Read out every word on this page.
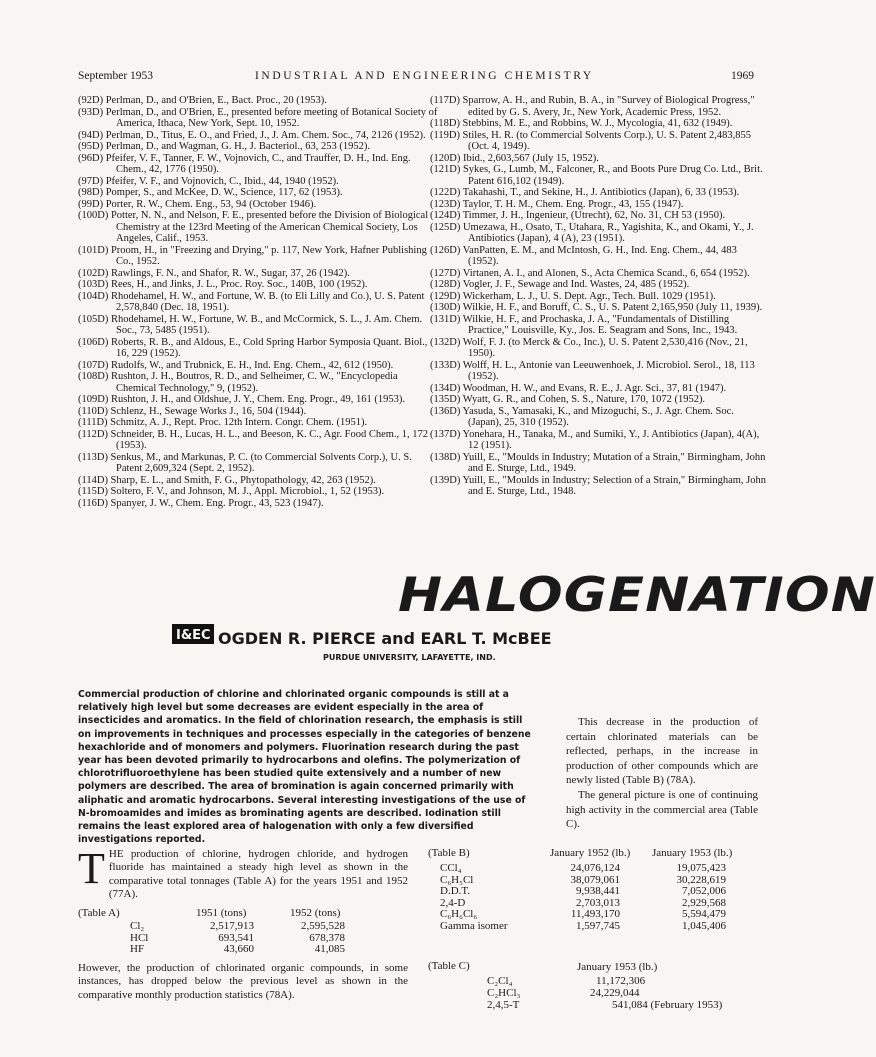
September 1953	INDUSTRIAL AND ENGINEERING CHEMISTRY	1969

(92D) Perlman, D., and O'Brien, E., Bact. Proc., 20 (1953).

(93D) Perlman, D., and O'Brien, E., presented before meeting of Botanical Society of America, Ithaca, New York, Sept. 10, 1952.

(94D) Perlman, D., Titus, E. O., and Fried, J., J. Am. Chem. Soc., 74, 2126 (1952).

(95D) Perlman, D., and Wagman, G. H., J. Bacteriol., 63, 253 (1952).

(96D) Pfeifer, V. F., Tanner, F. W., Vojnovich, C., and Trauffer, D. H., Ind. Eng. Chem., 42, 1776 (1950).

(97D) Pfeifer, V. F., and Vojnovich, C., Ibid., 44, 1940 (1952).

(98D) Pomper, S., and McKee, D. W., Science, 117, 62 (1953).

(99D) Porter, R. W., Chem. Eng., 53, 94 (October 1946).

(100D) Potter, N. N., and Nelson, F. E., presented before the Division of Biological Chemistry at the 123rd Meeting of the American Chemical Society, Los Angeles, Calif., 1953.

(101D) Proom, H., in "Freezing and Drying," p. 117, New York, Hafner Publishing Co., 1952.

(102D) Rawlings, F. N., and Shafor, R. W., Sugar, 37, 26 (1942).

(103D) Rees, H., and Jinks, J. L., Proc. Roy. Soc., 140B, 100 (1952).

(104D) Rhodehamel, H. W., and Fortune, W. B. (to Eli Lilly and Co.), U. S. Patent 2,578,840 (Dec. 18, 1951).

(105D) Rhodehamel, H. W., Fortune, W. B., and McCormick, S. L., J. Am. Chem. Soc., 73, 5485 (1951).

(106D) Roberts, R. B., and Aldous, E., Cold Spring Harbor Symposia Quant. Biol., 16, 229 (1952).

(107D) Rudolfs, W., and Trubnick, E. H., Ind. Eng. Chem., 42, 612 (1950).

(108D) Rushton, J. H., Boutros, R. D., and Selheimer, C. W., "Encyclopedia Chemical Technology," 9, (1952).

(109D) Rushton, J. H., and Oldshue, J. Y., Chem. Eng. Progr., 49, 161 (1953).

(110D) Schlenz, H., Sewage Works J., 16, 504 (1944).

(111D) Schmitz, A. J., Rept. Proc. 12th Intern. Congr. Chem. (1951).

(112D) Schneider, B. H., Lucas, H. L., and Beeson, K. C., Agr. Food Chem., 1, 172 (1953).

(113D) Senkus, M., and Markunas, P. C. (to Commercial Solvents Corp.), U. S. Patent 2,609,324 (Sept. 2, 1952).

(114D) Sharp, E. L., and Smith, F. G., Phytopathology, 42, 263 (1952).

(115D) Soltero, F. V., and Johnson, M. J., Appl. Microbiol., 1, 52 (1953).

(116D) Spanyer, J. W., Chem. Eng. Progr., 43, 523 (1947).

(117D) Sparrow, A. H., and Rubin, B. A., in "Survey of Biological Progress," edited by G. S. Avery, Jr., New York, Academic Press, 1952.

(118D) Stebbins, M. E., and Robbins, W. J., Mycologia, 41, 632 (1949).

(119D) Stiles, H. R. (to Commercial Solvents Corp.), U. S. Patent 2,483,855 (Oct. 4, 1949).

(120D) Ibid., 2,603,567 (July 15, 1952).

(121D) Sykes, G., Lumb, M., Falconer, R., and Boots Pure Drug Co. Ltd., Brit. Patent 616,102 (1949).

(122D) Takahashi, T., and Sekine, H., J. Antibiotics (Japan), 6, 33 (1953).

(123D) Taylor, T. H. M., Chem. Eng. Progr., 43, 155 (1947).

(124D) Timmer, J. H., Ingenieur, (Utrecht), 62, No. 31, CH 53 (1950).

(125D) Umezawa, H., Osato, T., Utahara, R., Yagishita, K., and Okami, Y., J. Antibiotics (Japan), 4 (A), 23 (1951).

(126D) VanPatten, E. M., and McIntosh, G. H., Ind. Eng. Chem., 44, 483 (1952).

(127D) Virtanen, A. I., and Alonen, S., Acta Chemica Scand., 6, 654 (1952).

(128D) Vogler, J. F., Sewage and Ind. Wastes, 24, 485 (1952).

(129D) Wickerham, L. J., U. S. Dept. Agr., Tech. Bull. 1029 (1951).

(130D) Wilkie, H. F., and Boruff, C. S., U. S. Patent 2,165,950 (July 11, 1939).

(131D) Wilkie, H. F., and Prochaska, J. A., "Fundamentals of Distilling Practice," Louisville, Ky., Jos. E. Seagram and Sons, Inc., 1943.

(132D) Wolf, F. J. (to Merck & Co., Inc.), U. S. Patent 2,530,416 (Nov., 21, 1950).

(133D) Wolff, H. L., Antonie van Leeuwenhoek, J. Microbiol. Serol., 18, 113 (1952).

(134D) Woodman, H. W., and Evans, R. E., J. Agr. Sci., 37, 81 (1947).

(135D) Wyatt, G. R., and Cohen, S. S., Nature, 170, 1072 (1952).

(136D) Yasuda, S., Yamasaki, K., and Mizoguchi, S., J. Agr. Chem. Soc. (Japan), 25, 310 (1952).

(137D) Yonehara, H., Tanaka, M., and Sumiki, Y., J. Antibiotics (Japan), 4(A), 12 (1951).

(138D) Yuill, E., "Moulds in Industry; Mutation of a Strain," Birmingham, John and E. Sturge, Ltd., 1949.

(139D) Yuill, E., "Moulds in Industry; Selection of a Strain," Birmingham, John and E. Sturge, Ltd., 1948.

HALOGENATION
I&EC OGDEN R. PIERCE and EARL T. McBEE
PURDUE UNIVERSITY, LAFAYETTE, IND.
Commercial production of chlorine and chlorinated organic compounds is still at a relatively high level but some decreases are evident especially in the area of insecticides and aromatics. In the field of chlorination research, the emphasis is still on improvements in techniques and processes especially in the categories of benzene hexachloride and of monomers and polymers. Fluorination research during the past year has been devoted primarily to hydrocarbons and olefins. The polymerization of chlorotrifluoroethylene has been studied quite extensively and a number of new polymers are described. The area of bromination is again concerned primarily with aliphatic and aromatic hydrocarbons. Several interesting investigations of the use of N-bromoamides and imides as brominating agents are described. Iodination still remains the least explored area of halogenation with only a few diversified investigations reported.

This decrease in the production of certain chlorinated materials can be reflected, perhaps, in the increase in production of other compounds which are newly listed (Table B) (78A).

The general picture is one of continuing high activity in the commercial area (Table C).

T HE production of chlorine, hydrogen chloride, and hydrogen fluoride has maintained a steady high level as shown in the comparative total tonnages (Table A) for the years 1951 and 1952 (77A).
(Table A)	1951 (tons)	1952 (tons)
Cl₂	2,517,913	2,595,528
HCl	693,541	678,378
HF	43,660	41,085
However, the production of chlorinated organic compounds, in some instances, has dropped below the previous level as shown in the comparative monthly production statistics (78A).
(Table B)	January 1952 (lb.) January 1953 (lb.)
CCl₄	24,076,124	19,075,423
C₆H₅Cl	38,079,061	30,228,619
D.D.T.	9,938,441	7,052,006
2,4-D	2,703,013	2,929,568
C₆H₆Cl₆	11,493,170	5,594,479
Gamma isomer	1,597,745	1,045,406
(Table C)	January 1953 (lb.)
C₂Cl₄	11,172,306
C₂HCl₃	24,229,044
2,4,5-T	541,084 (February 1953)
